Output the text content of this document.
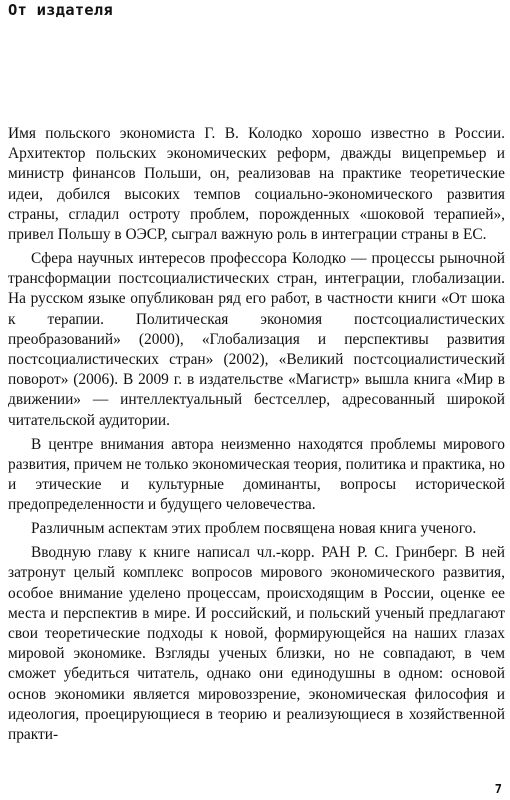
От издателя

Имя польского экономиста Г. В. Колодко хорошо известно в России. Архитектор польских экономических реформ, дважды вицепремьер и министр финансов Польши, он, реализовав на практике теоретические идеи, добился высоких темпов социально-экономического развития страны, сгладил остроту проблем, порожденных «шоковой терапией», привел Польшу в ОЭСР, сыграл важную роль в интеграции страны в ЕС.

Сфера научных интересов профессора Колодко — процессы рыночной трансформации постсоциалистических стран, интеграции, глобализации. На русском языке опубликован ряд его работ, в частности книги «От шока к терапии. Политическая экономия постсоциалистических преобразований» (2000), «Глобализация и перспективы развития постсоциалистических стран» (2002), «Великий постсоциалистический поворот» (2006). В 2009 г. в издательстве «Магистр» вышла книга «Мир в движении» — интеллектуальный бестселлер, адресованный широкой читательской аудитории.

В центре внимания автора неизменно находятся проблемы мирового развития, причем не только экономическая теория, политика и практика, но и этические и культурные доминанты, вопросы исторической предопределенности и будущего человечества.

Различным аспектам этих проблем посвящена новая книга ученого.

Вводную главу к книге написал чл.-корр. РАН Р. С. Гринберг. В ней затронут целый комплекс вопросов мирового экономического развития, особое внимание уделено процессам, происходящим в России, оценке ее места и перспектив в мире. И российский, и польский ученый предлагают свои теоретические подходы к новой, формирующейся на наших глазах мировой экономике. Взгляды ученых близки, но не совпадают, в чем сможет убедиться читатель, однако они единодушны в одном: основой основ экономики является мировоззрение, экономическая философия и идеология, проецирующиеся в теорию и реализующиеся в хозяйственной практи-

7
